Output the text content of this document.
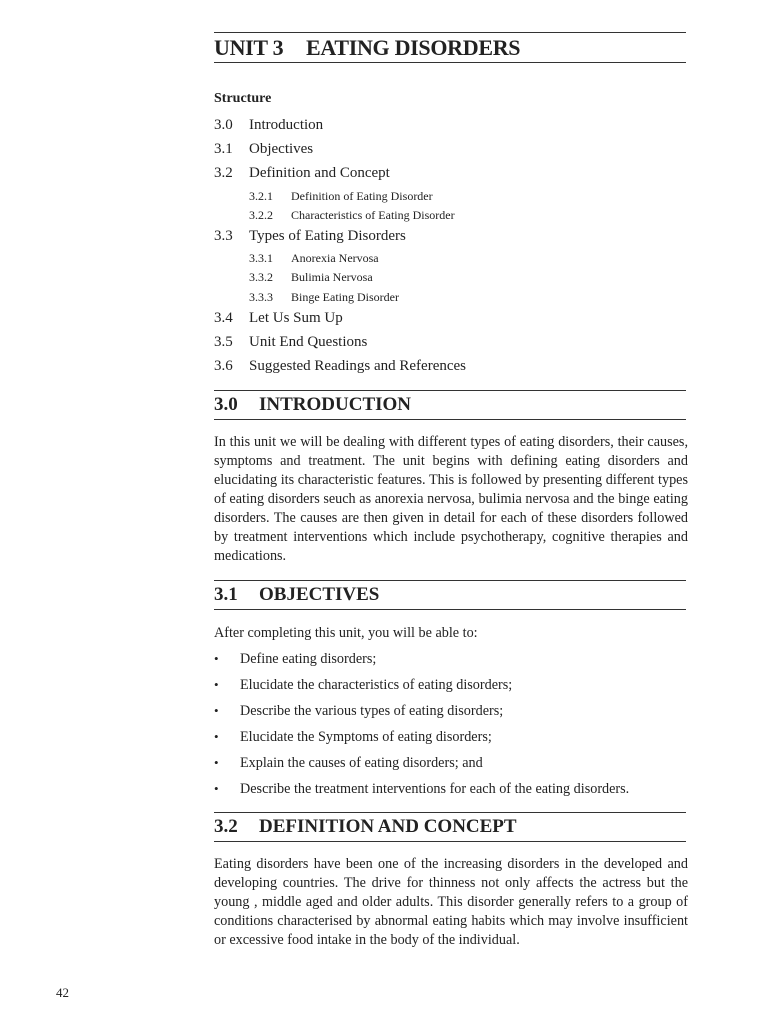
UNIT 3 EATING DISORDERS
Structure
3.0 Introduction
3.1 Objectives
3.2 Definition and Concept
3.2.1 Definition of Eating Disorder
3.2.2 Characteristics of Eating Disorder
3.3 Types of Eating Disorders
3.3.1 Anorexia Nervosa
3.3.2 Bulimia Nervosa
3.3.3 Binge Eating Disorder
3.4 Let Us Sum Up
3.5 Unit End Questions
3.6 Suggested Readings and References
3.0 INTRODUCTION
In this unit we will be dealing with different types of eating disorders, their causes, symptoms and treatment. The unit begins with defining eating disorders and elucidating its characteristic features. This is followed by presenting different types of eating disorders seuch as anorexia nervosa, bulimia nervosa and the binge eating disorders. The causes are then given in detail for each of these disorders followed by treatment interventions which include psychotherapy, cognitive therapies and medications.
3.1 OBJECTIVES
After completing this unit, you will be able to:
• Define eating disorders;
• Elucidate the characteristics of eating disorders;
• Describe the various types of eating disorders;
• Elucidate the Symptoms of eating disorders;
• Explain the causes of eating disorders; and
• Describe the treatment interventions for each of the eating disorders.
3.2 DEFINITION AND CONCEPT
Eating disorders have been one of the increasing disorders in the developed and developing countries. The drive for thinness not only affects the actress but the young , middle aged and older adults. This disorder generally refers to a group of conditions characterised by abnormal eating habits which may involve insufficient or excessive food intake in the body of the individual.
42
